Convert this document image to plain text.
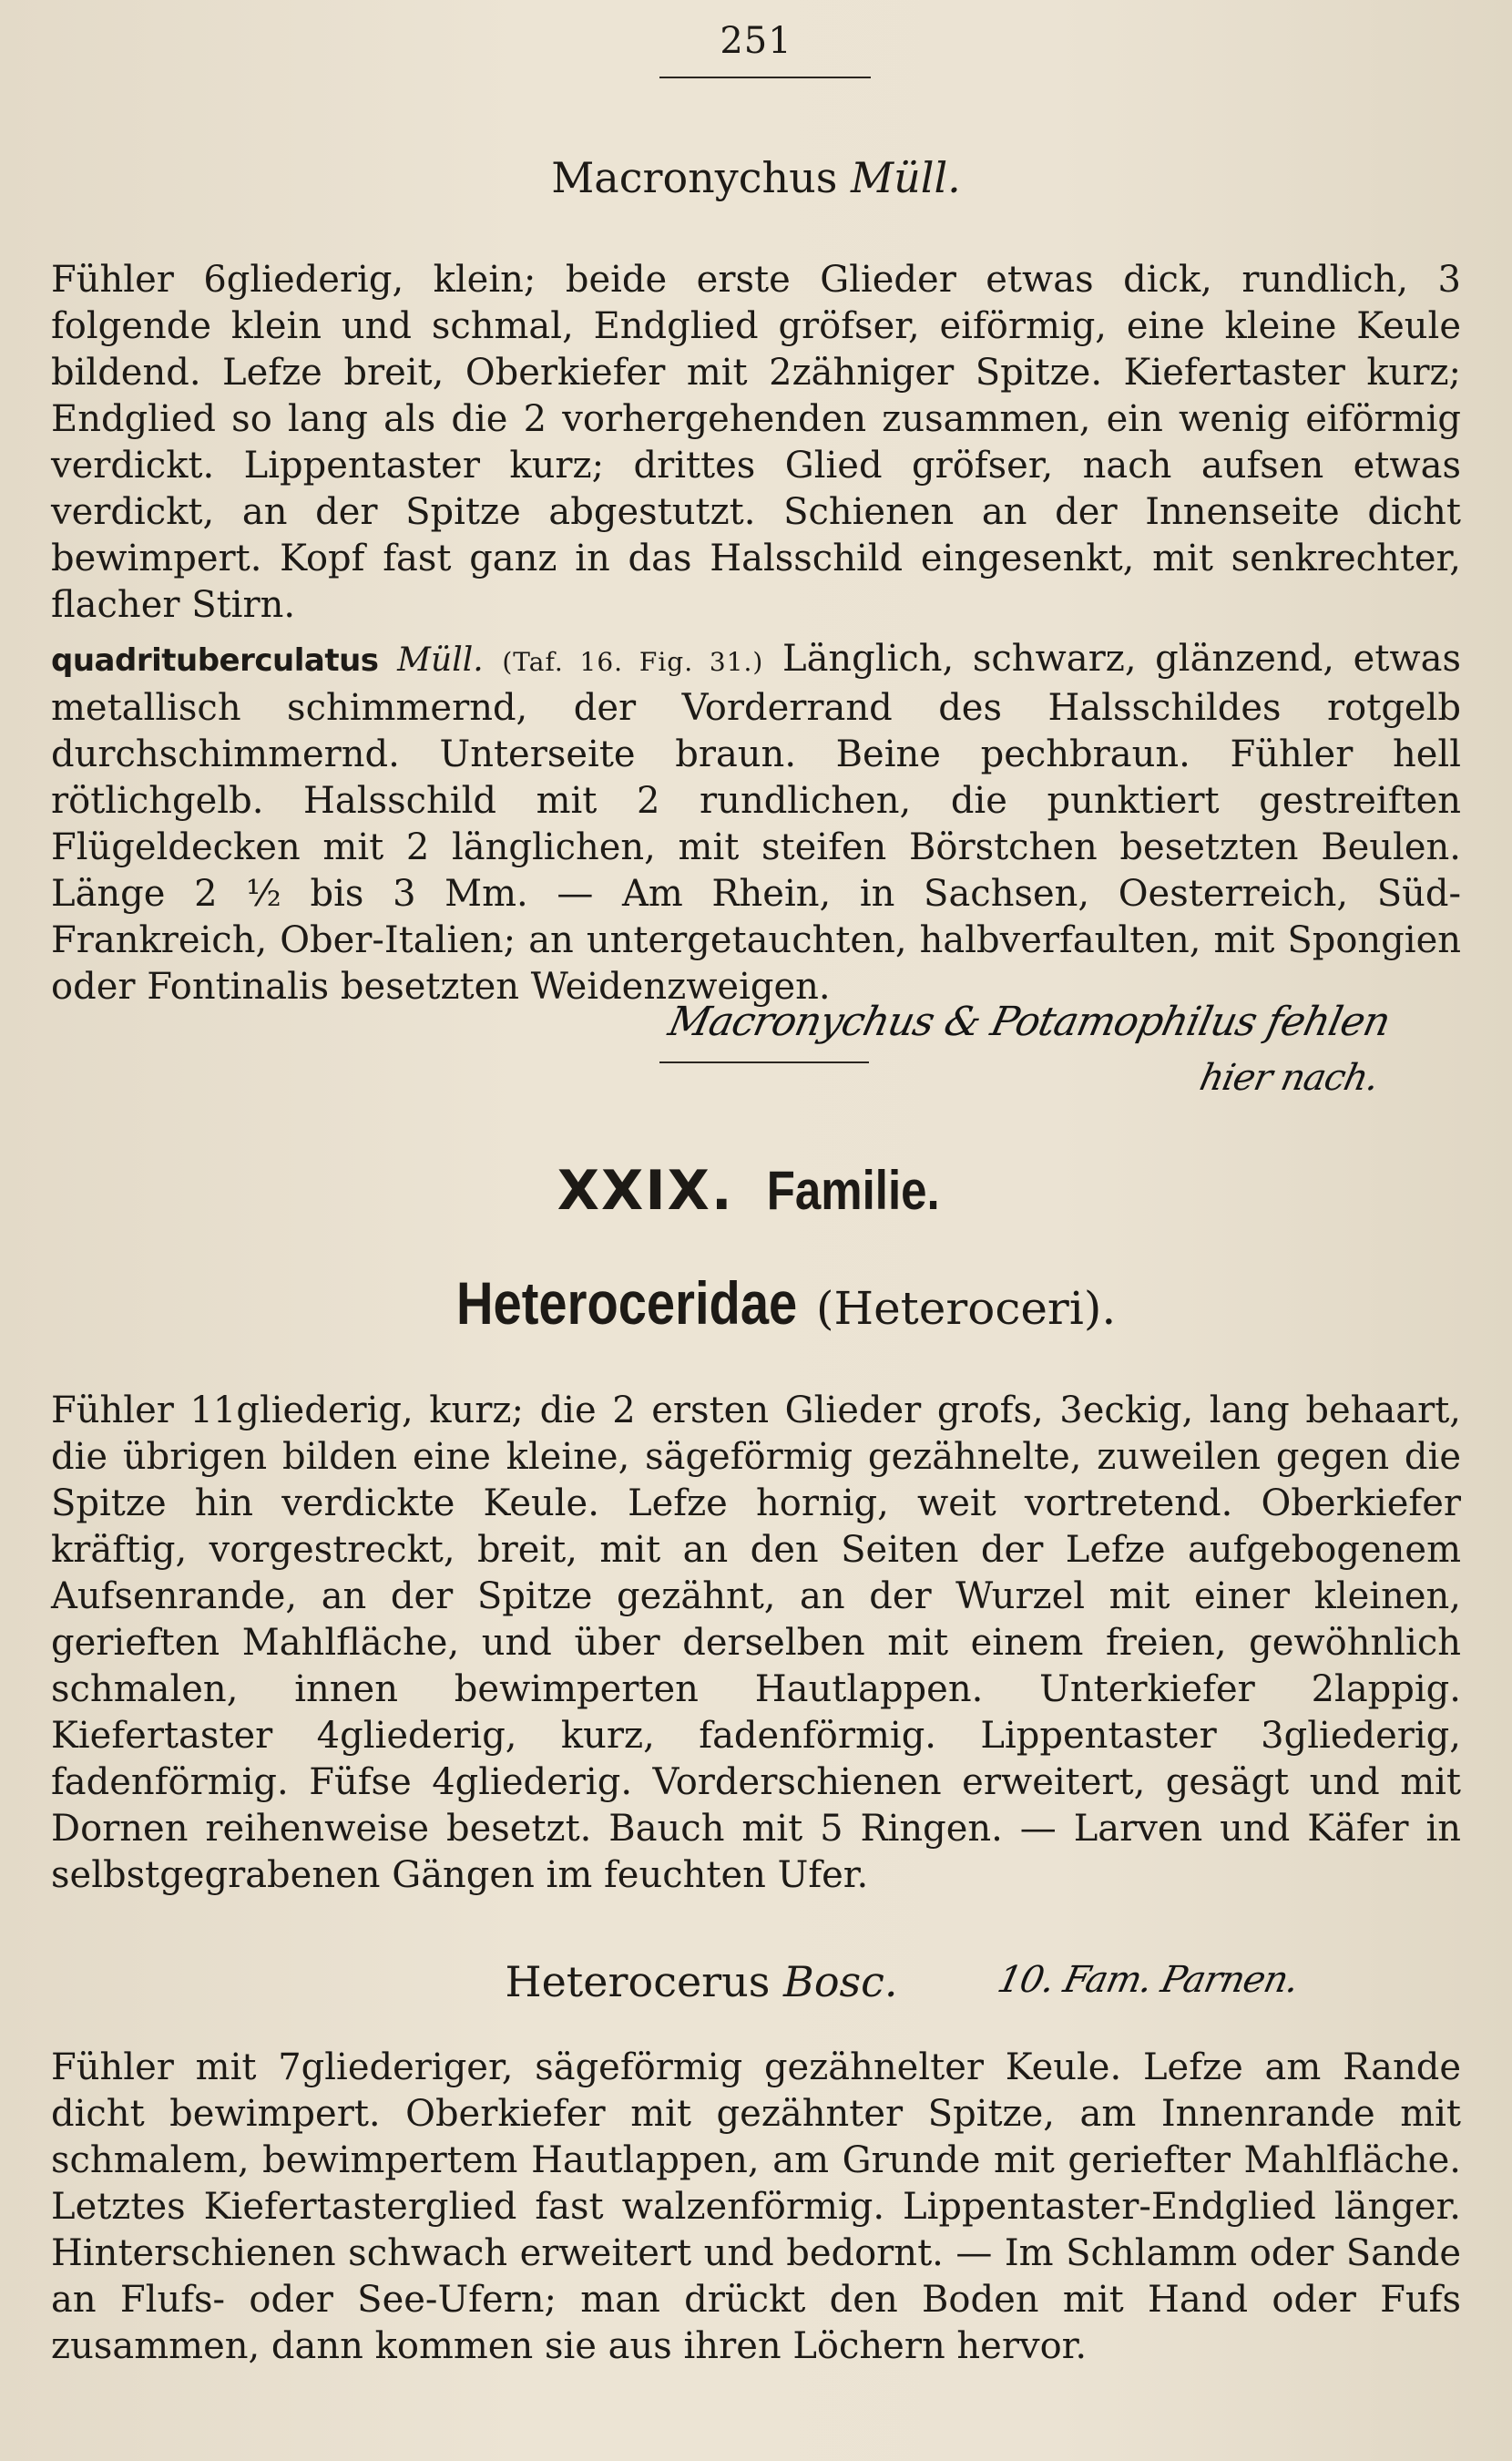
251
Macronychus Müll.
Fühler 6gliederig, klein; beide erste Glieder etwas dick, rundlich, 3 folgende klein und schmal, Endglied gröfser, eiförmig, eine kleine Keule bildend. Lefze breit, Oberkiefer mit 2zähniger Spitze. Kiefertaster kurz; Endglied so lang als die 2 vorhergehenden zusammen, ein wenig eiförmig verdickt. Lippentaster kurz; drittes Glied gröfser, nach aufsen etwas verdickt, an der Spitze abgestutzt. Schienen an der Innenseite dicht bewimpert. Kopf fast ganz in das Halsschild eingesenkt, mit senkrechter, flacher Stirn.
quadrituberculatus Müll. (Taf. 16. Fig. 31.) Länglich, schwarz, glänzend, etwas metallisch schimmernd, der Vorderrand des Halsschildes rotgelb durchschimmernd. Unterseite braun. Beine pechbraun. Fühler hell rötlichgelb. Halsschild mit 2 rundlichen, die punktiert gestreiften Flügeldecken mit 2 länglichen, mit steifen Börstchen besetzten Beulen. Länge 2 ½ bis 3 Mm. — Am Rhein, in Sachsen, Oesterreich, Süd-Frankreich, Ober-Italien; an untergetauchten, halbverfaulten, mit Spongien oder Fontinalis besetzten Weidenzweigen.
Macronychus & Potamophilus fehlen
hier nach.
XXIX. Familie.
Heteroceridae (Heteroceri).
Fühler 11gliederig, kurz; die 2 ersten Glieder grofs, 3eckig, lang behaart, die übrigen bilden eine kleine, sägeförmig gezähnelte, zuweilen gegen die Spitze hin verdickte Keule. Lefze hornig, weit vortretend. Oberkiefer kräftig, vorgestreckt, breit, mit an den Seiten der Lefze aufgebogenem Aufsenrande, an der Spitze gezähnt, an der Wurzel mit einer kleinen, gerieften Mahlfläche, und über derselben mit einem freien, gewöhnlich schmalen, innen bewimperten Hautlappen. Unterkiefer 2lappig. Kiefertaster 4gliederig, kurz, fadenförmig. Lippentaster 3gliederig, fadenförmig. Füfse 4gliederig. Vorderschienen erweitert, gesägt und mit Dornen reihenweise besetzt. Bauch mit 5 Ringen. — Larven und Käfer in selbstgegrabenen Gängen im feuchten Ufer.
Heterocerus Bosc.	10. Fam. Parnen.
Fühler mit 7gliederiger, sägeförmig gezähnelter Keule. Lefze am Rande dicht bewimpert. Oberkiefer mit gezähnter Spitze, am Innenrande mit schmalem, bewimpertem Hautlappen, am Grunde mit geriefter Mahlfläche. Letztes Kiefertasterglied fast walzenförmig. Lippentaster-Endglied länger. Hinterschienen schwach erweitert und bedornt. — Im Schlamm oder Sande an Flufs- oder See-Ufern; man drückt den Boden mit Hand oder Fufs zusammen, dann kommen sie aus ihren Löchern hervor.
